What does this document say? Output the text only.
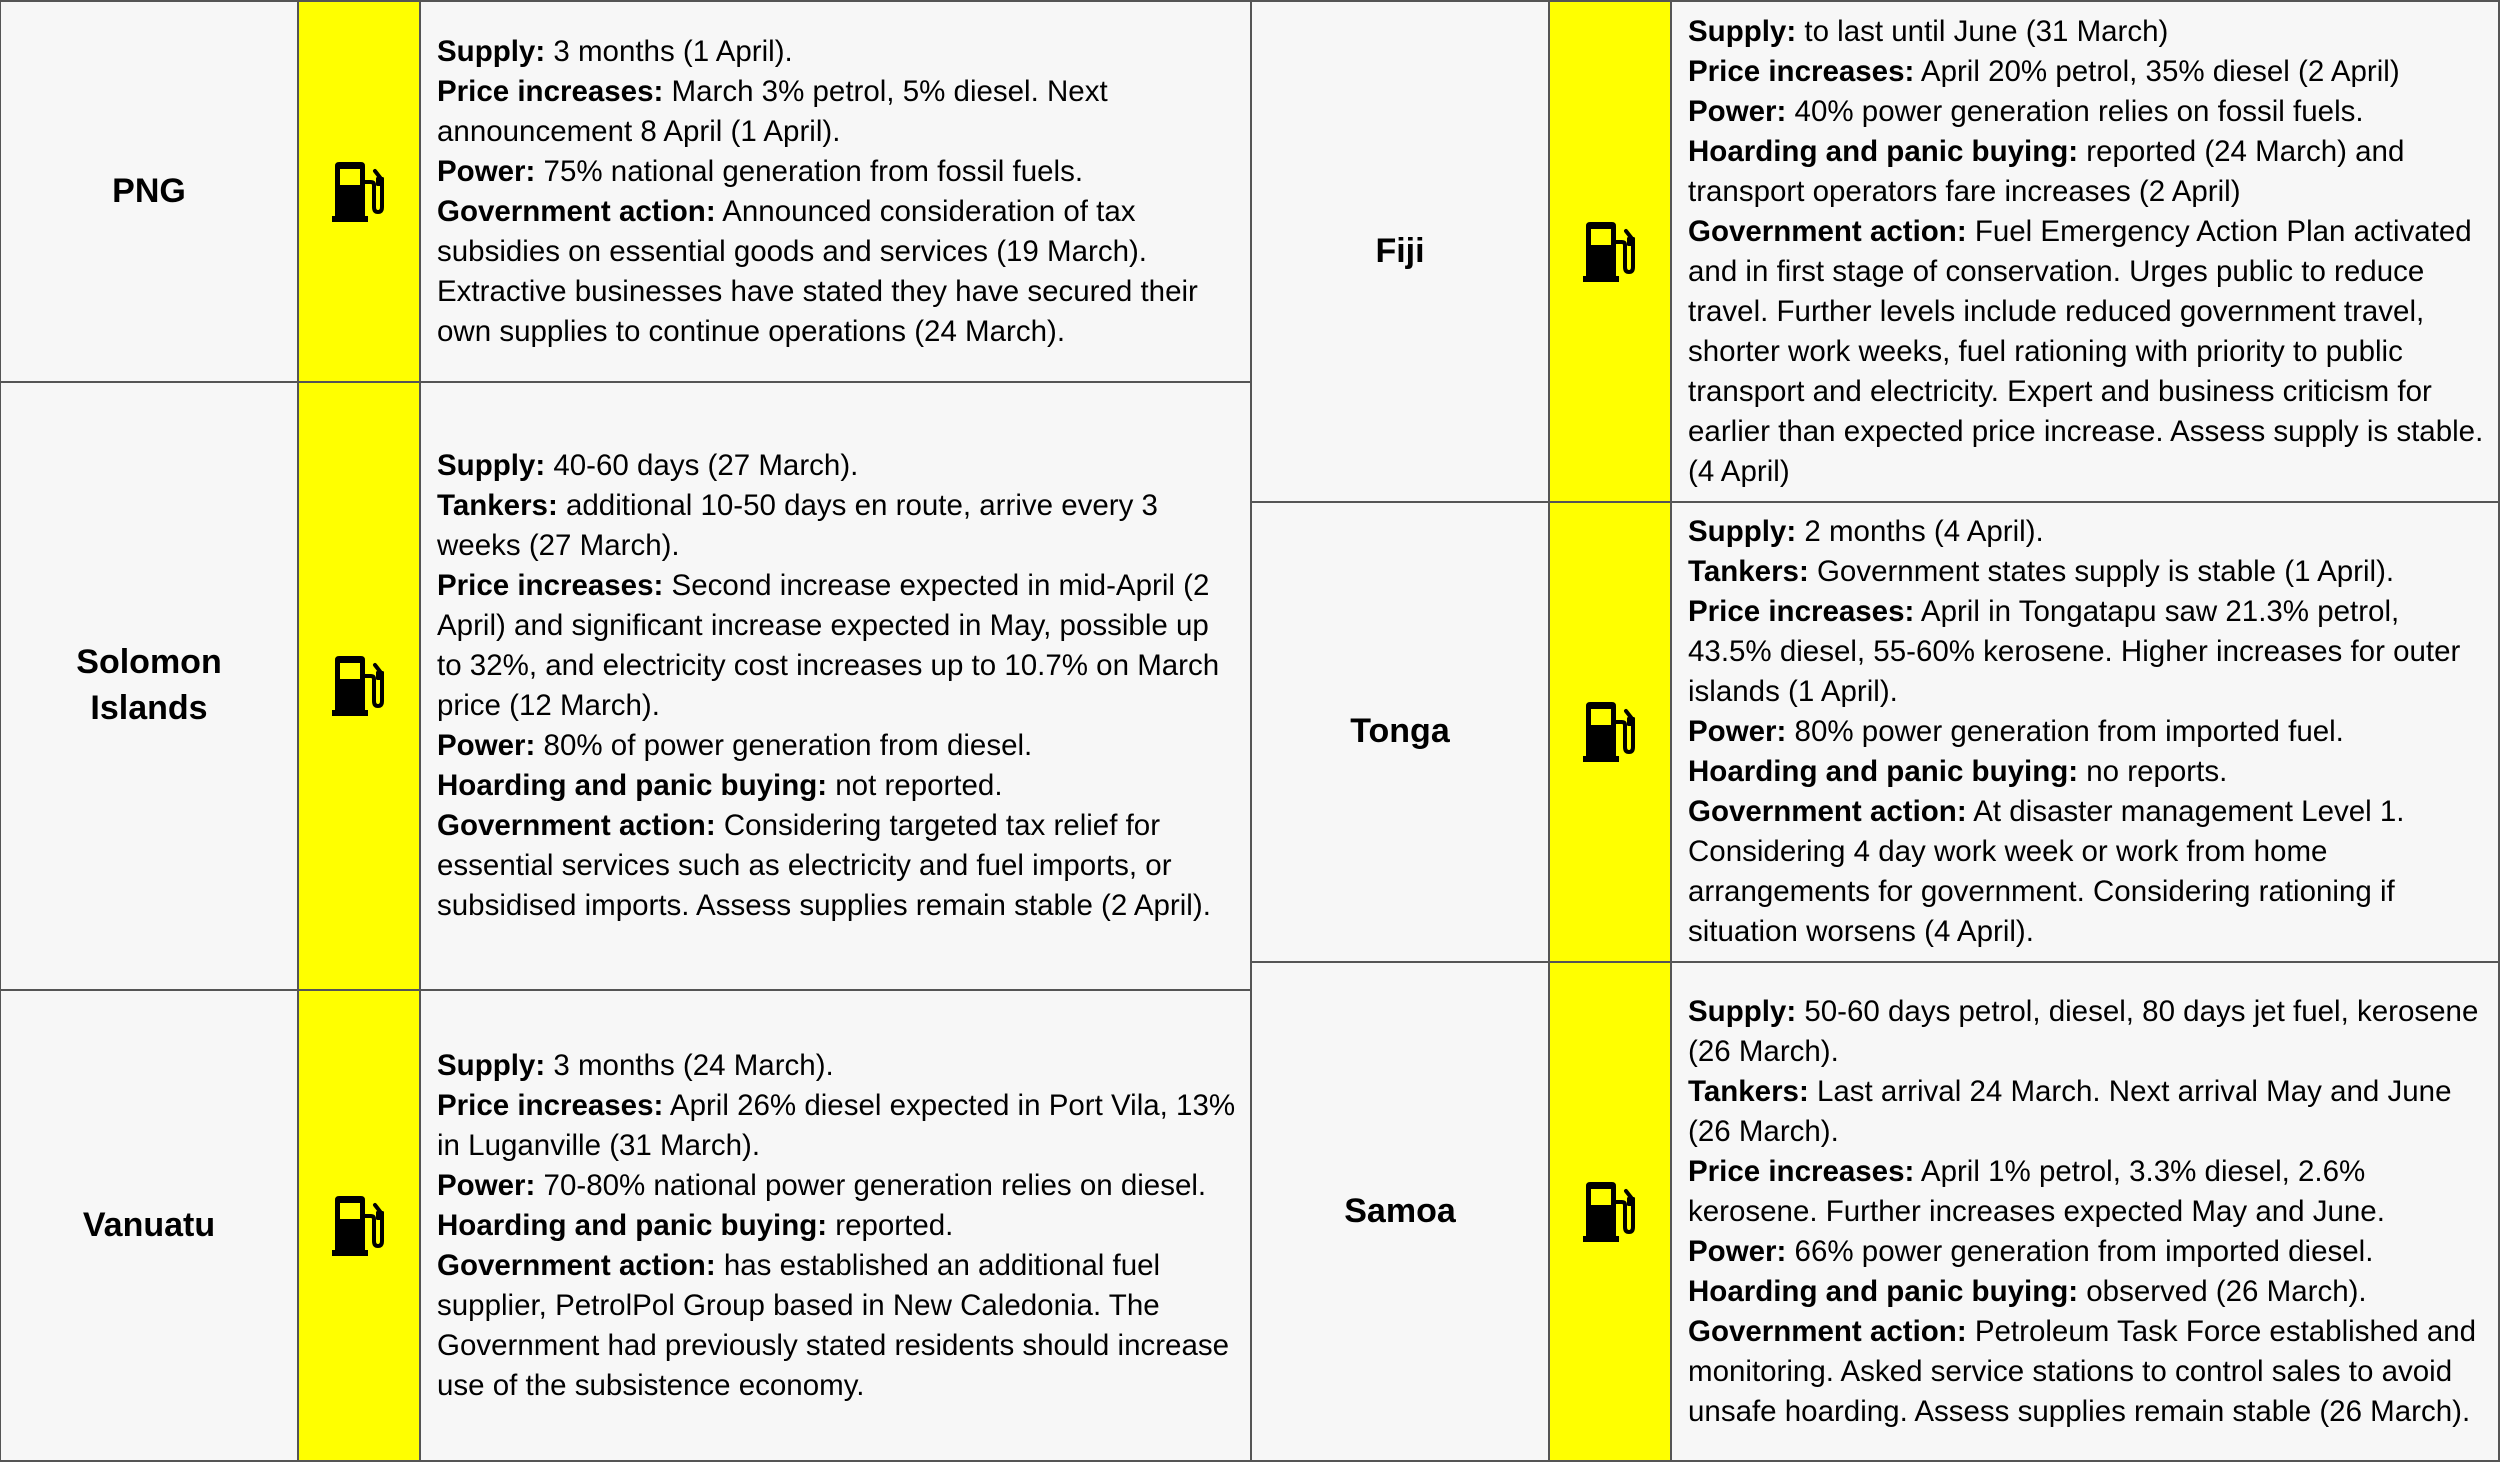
PNG
Supply: 3 months (1 April).
Price increases: March 3% petrol, 5% diesel. Next announcement 8 April (1 April).
Power: 75% national generation from fossil fuels.
Government action: Announced consideration of tax subsidies on essential goods and services (19 March). Extractive businesses have stated they have secured their own supplies to continue operations (24 March).
Solomon Islands
Supply: 40-60 days (27 March).
Tankers: additional 10-50 days en route, arrive every 3 weeks (27 March).
Price increases: Second increase expected in mid-April (2 April) and significant increase expected in May, possible up to 32%, and electricity cost increases up to 10.7% on March price (12 March).
Power: 80% of power generation from diesel.
Hoarding and panic buying: not reported.
Government action: Considering targeted tax relief for essential services such as electricity and fuel imports, or subsidised imports. Assess supplies remain stable (2 April).
Vanuatu
Supply: 3 months (24 March).
Price increases: April 26% diesel expected in Port Vila, 13% in Luganville (31 March).
Power: 70-80% national power generation relies on diesel.
Hoarding and panic buying: reported.
Government action: has established an additional fuel supplier, PetrolPol Group based in New Caledonia. The Government had previously stated residents should increase use of the subsistence economy.
Fiji
Supply: to last until June (31 March)
Price increases: April 20% petrol, 35% diesel (2 April)
Power: 40% power generation relies on fossil fuels.
Hoarding and panic buying: reported (24 March) and transport operators fare increases (2 April)
Government action: Fuel Emergency Action Plan activated and in first stage of conservation. Urges public to reduce travel. Further levels include reduced government travel, shorter work weeks, fuel rationing with priority to public transport and electricity. Expert and business criticism for earlier than expected price increase. Assess supply is stable. (4 April)
Tonga
Supply: 2 months (4 April).
Tankers: Government states supply is stable (1 April).
Price increases: April in Tongatapu saw 21.3% petrol, 43.5% diesel, 55-60% kerosene. Higher increases for outer islands (1 April).
Power: 80% power generation from imported fuel.
Hoarding and panic buying: no reports.
Government action: At disaster management Level 1. Considering 4 day work week or work from home arrangements for government. Considering rationing if situation worsens (4 April).
Samoa
Supply: 50-60 days petrol, diesel, 80 days jet fuel, kerosene (26 March).
Tankers: Last arrival 24 March. Next arrival May and June (26 March).
Price increases: April 1% petrol, 3.3% diesel, 2.6% kerosene. Further increases expected May and June.
Power: 66% power generation from imported diesel.
Hoarding and panic buying: observed (26 March).
Government action: Petroleum Task Force established and monitoring. Asked service stations to control sales to avoid unsafe hoarding. Assess supplies remain stable (26 March).
